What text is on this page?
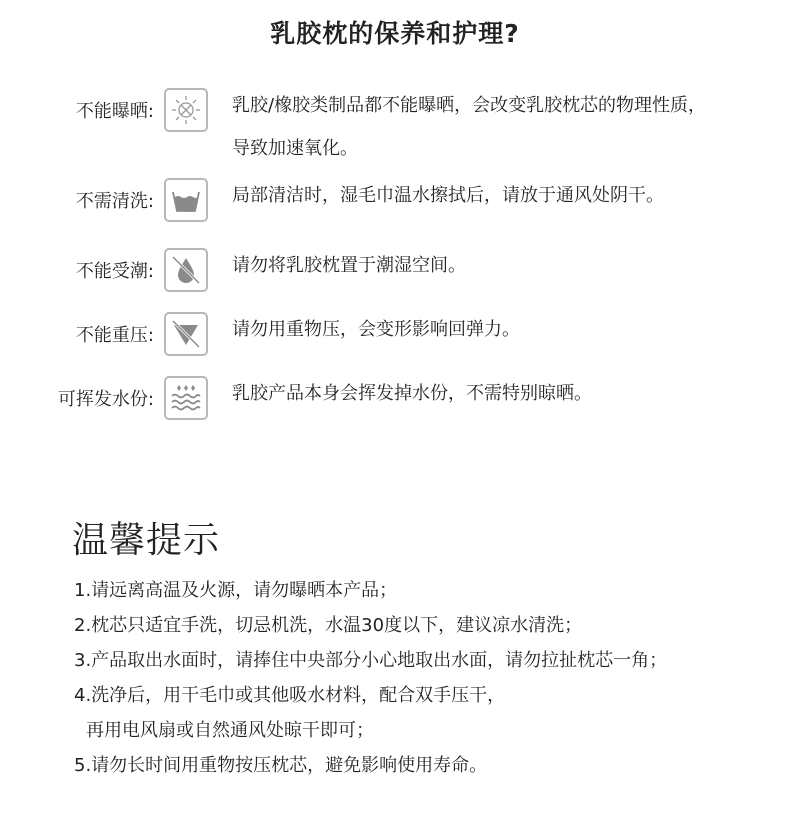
乳胶枕的保养和护理?
不能曝晒:	乳胶/橡胶类制品都不能曝晒，会改变乳胶枕芯的物理性质，
导致加速氧化。
不需清洗:	局部清洁时，湿毛巾温水擦拭后，请放于通风处阴干。
不能受潮:	请勿将乳胶枕置于潮湿空间。
不能重压:	请勿用重物压，会变形影响回弹力。
可挥发水份:	乳胶产品本身会挥发掉水份，不需特别晾晒。
温馨提示
1.请远离高温及火源，请勿曝晒本产品；
2.枕芯只适宜手洗，切忌机洗，水温30度以下，建议凉水清洗；
3.产品取出水面时，请捧住中央部分小心地取出水面，请勿拉扯枕芯一角；
4.洗净后，用干毛巾或其他吸水材料，配合双手压干，
再用电风扇或自然通风处晾干即可；
5.请勿长时间用重物按压枕芯，避免影响使用寿命。
